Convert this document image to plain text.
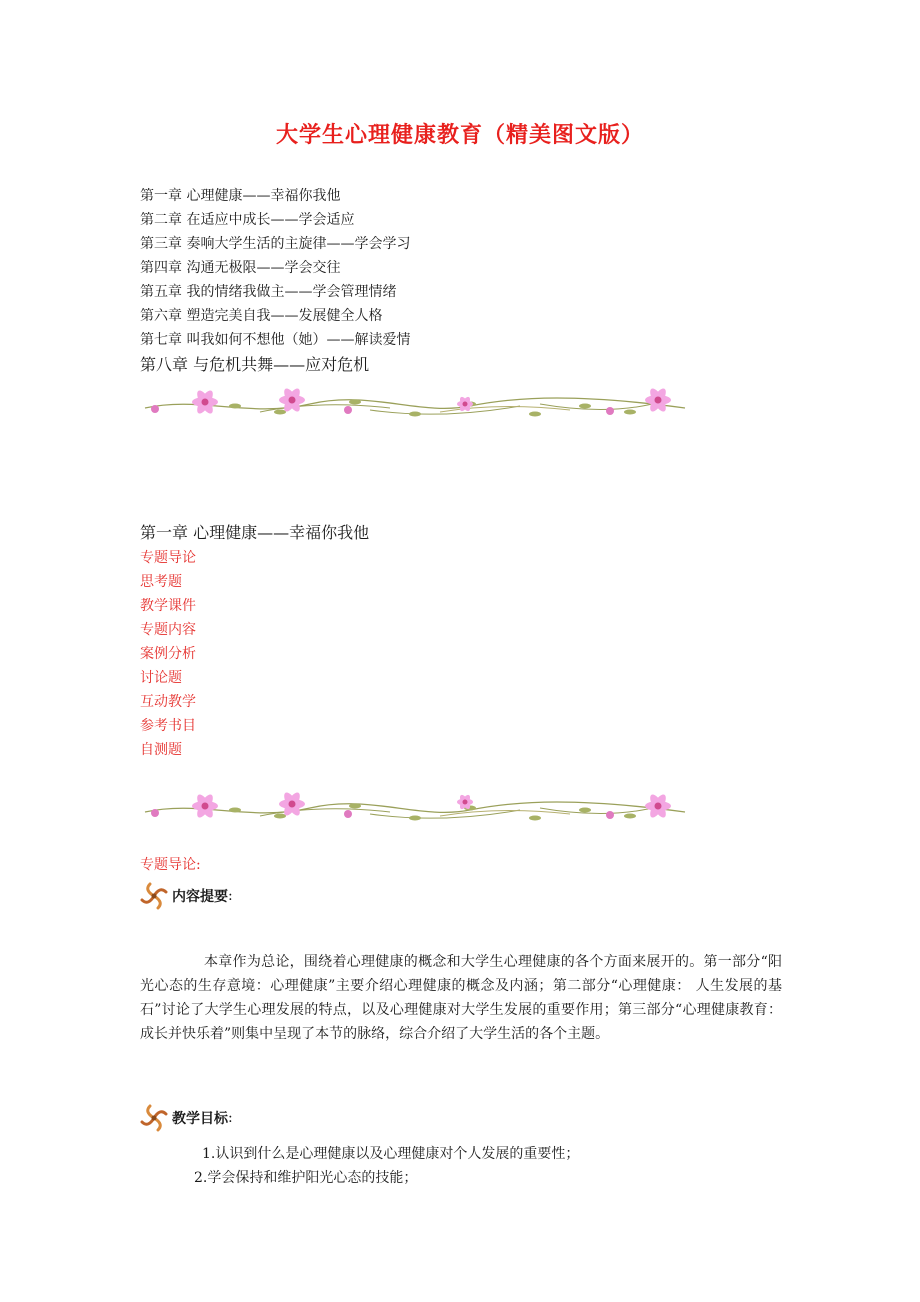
大学生心理健康教育（精美图文版）
第一章 心理健康——幸福你我他
第二章 在适应中成长——学会适应
第三章 奏响大学生活的主旋律——学会学习
第四章 沟通无极限——学会交往
第五章 我的情绪我做主——学会管理情绪
第六章 塑造完美自我——发展健全人格
第七章 叫我如何不想他（她）——解读爱情
第八章 与危机共舞——应对危机
第一章 心理健康——幸福你我他
专题导论
思考题
教学课件
专题内容
案例分析
讨论题
互动教学
参考书目
自测题
专题导论:
内容提要 :

本章作为总论，围绕着心理健康的概念和大学生心理健康的各个方面来展开的。第一部分“阳光心态的生存意境：心理健康”主要介绍心理健康的概念及内涵；第二部分“心理健康： 人生发展的基石”讨论了大学生心理发展的特点，以及心理健康对大学生发展的重要作用；第三部分“心理健康教育：成长并快乐着”则集中呈现了本节的脉络，综合介绍了大学生活的各个主题。

教学目标 :
1.认识到什么是心理健康以及心理健康对个人发展的重要性；
2.学会保持和维护阳光心态的技能；
